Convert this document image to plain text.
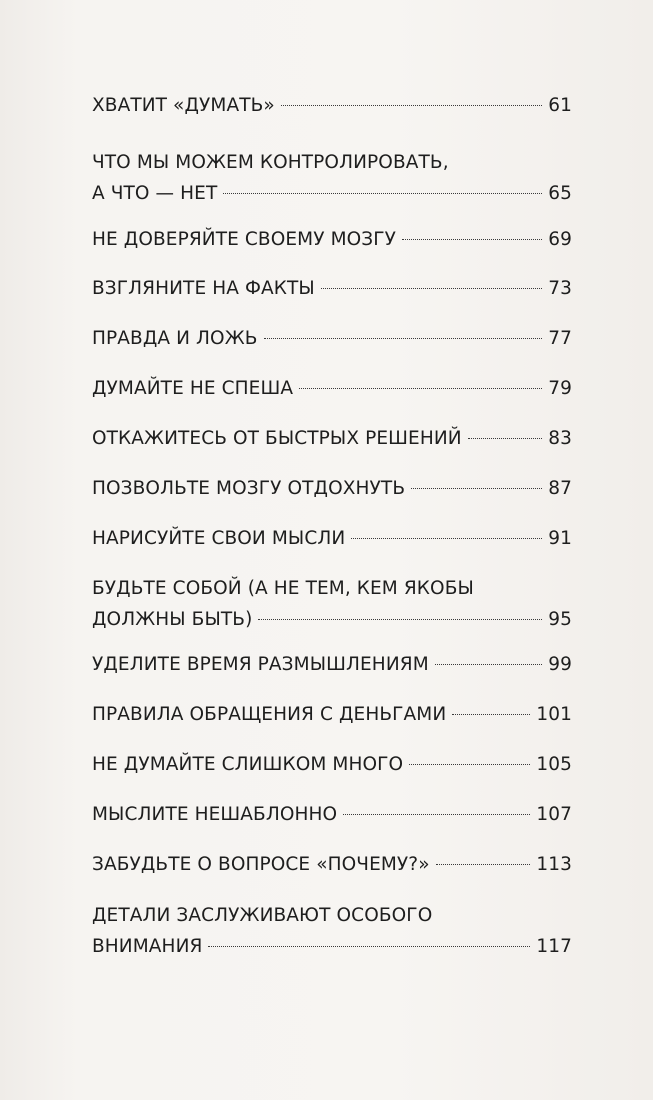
ХВАТИТ «ДУМАТЬ»	61
ЧТО МЫ МОЖЕМ КОНТРОЛИРОВАТЬ,
А ЧТО — НЕТ	65
НЕ ДОВЕРЯЙТЕ СВОЕМУ МОЗГУ	69
ВЗГЛЯНИТЕ НА ФАКТЫ	73
ПРАВДА И ЛОЖЬ	77
ДУМАЙТЕ НЕ СПЕША	79
ОТКАЖИТЕСЬ ОТ БЫСТРЫХ РЕШЕНИЙ	83
ПОЗВОЛЬТЕ МОЗГУ ОТДОХНУТЬ	87
НАРИСУЙТЕ СВОИ МЫСЛИ	91
БУДЬТЕ СОБОЙ (А НЕ ТЕМ, КЕМ ЯКОБЫ
ДОЛЖНЫ БЫТЬ)	95
УДЕЛИТЕ ВРЕМЯ РАЗМЫШЛЕНИЯМ	99
ПРАВИЛА ОБРАЩЕНИЯ С ДЕНЬГАМИ	101
НЕ ДУМАЙТЕ СЛИШКОМ МНОГО	105
МЫСЛИТЕ НЕШАБЛОННО	107
ЗАБУДЬТЕ О ВОПРОСЕ «ПОЧЕМУ?»	113
ДЕТАЛИ ЗАСЛУЖИВАЮТ ОСОБОГО
ВНИМАНИЯ	117
